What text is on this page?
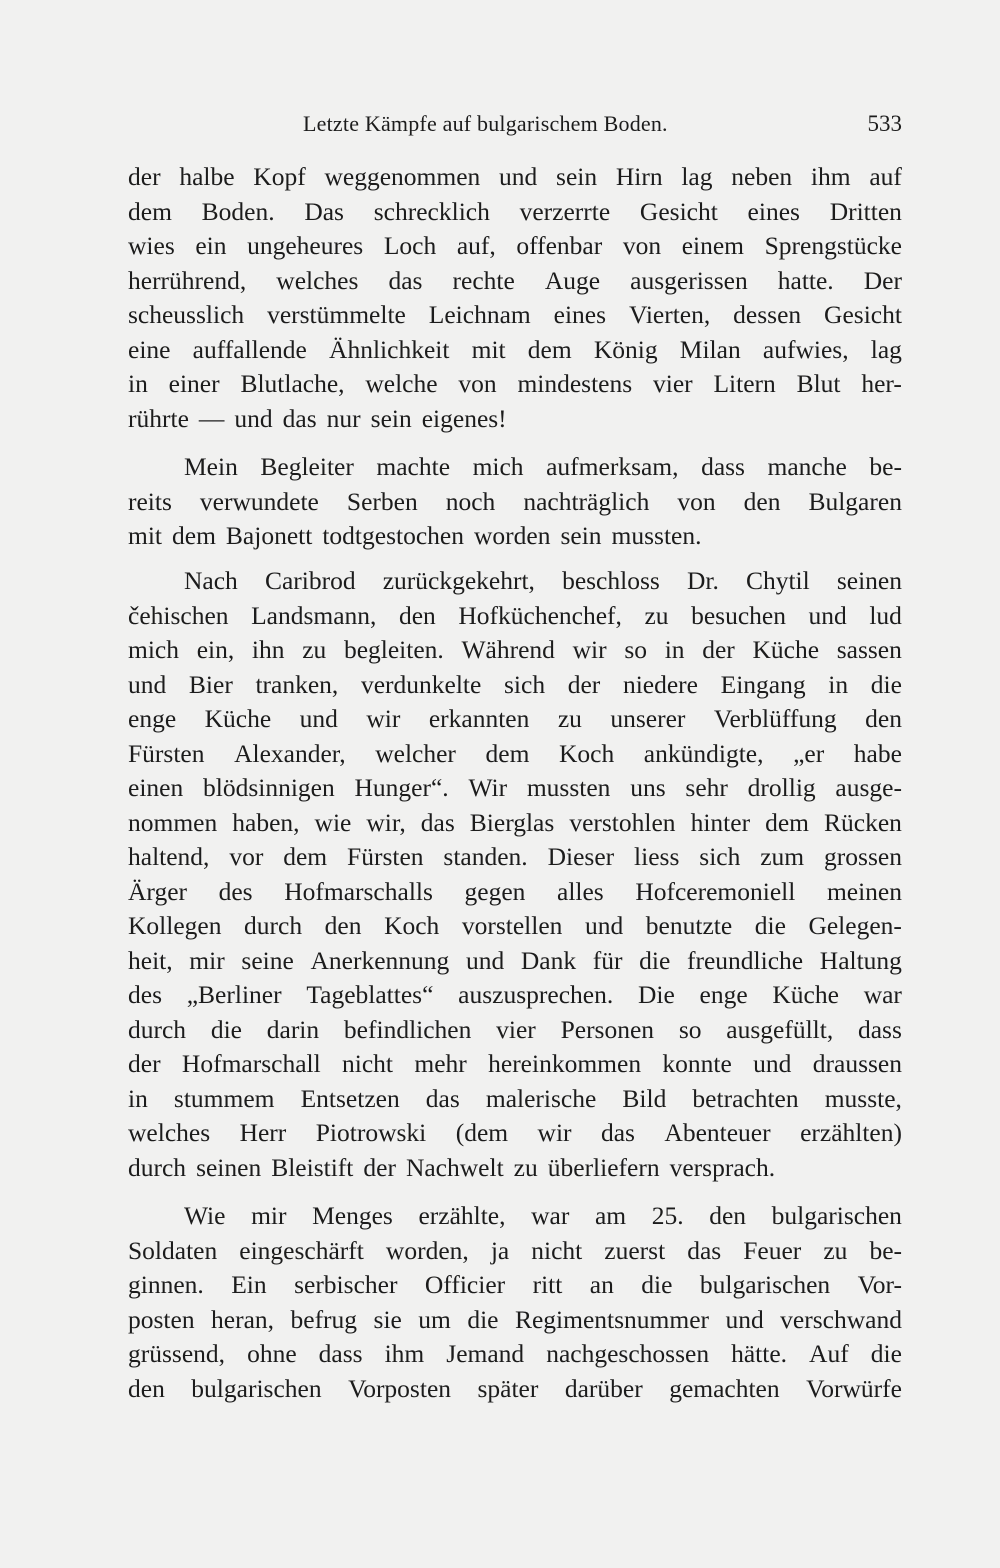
Letzte Kämpfe auf bulgarischem Boden.	533
der halbe Kopf weggenommen und sein Hirn lag neben ihm auf
dem Boden. Das schrecklich verzerrte Gesicht eines Dritten
wies ein ungeheures Loch auf, offenbar von einem Sprengstücke
herrührend, welches das rechte Auge ausgerissen hatte. Der
scheusslich verstümmelte Leichnam eines Vierten, dessen Gesicht
eine auffallende Ähnlichkeit mit dem König Milan aufwies, lag
in einer Blutlache, welche von mindestens vier Litern Blut her-
rührte — und das nur sein eigenes!
Mein Begleiter machte mich aufmerksam, dass manche be-
reits verwundete Serben noch nachträglich von den Bulgaren
mit dem Bajonett todtgestochen worden sein mussten.
Nach Caribrod zurückgekehrt, beschloss Dr. Chytil seinen
čehischen Landsmann, den Hofküchenchef, zu besuchen und lud
mich ein, ihn zu begleiten. Während wir so in der Küche sassen
und Bier tranken, verdunkelte sich der niedere Eingang in die
enge Küche und wir erkannten zu unserer Verblüffung den
Fürsten Alexander, welcher dem Koch ankündigte, „er habe
einen blödsinnigen Hunger“. Wir mussten uns sehr drollig ausge-
nommen haben, wie wir, das Bierglas verstohlen hinter dem Rücken
haltend, vor dem Fürsten standen. Dieser liess sich zum grossen
Ärger des Hofmarschalls gegen alles Hofceremoniell meinen
Kollegen durch den Koch vorstellen und benutzte die Gelegen-
heit, mir seine Anerkennung und Dank für die freundliche Haltung
des „Berliner Tageblattes“ auszusprechen. Die enge Küche war
durch die darin befindlichen vier Personen so ausgefüllt, dass
der Hofmarschall nicht mehr hereinkommen konnte und draussen
in stummem Entsetzen das malerische Bild betrachten musste,
welches Herr Piotrowski (dem wir das Abenteuer erzählten)
durch seinen Bleistift der Nachwelt zu überliefern versprach.
Wie mir Menges erzählte, war am 25. den bulgarischen
Soldaten eingeschärft worden, ja nicht zuerst das Feuer zu be-
ginnen. Ein serbischer Officier ritt an die bulgarischen Vor-
posten heran, befrug sie um die Regimentsnummer und verschwand
grüssend, ohne dass ihm Jemand nachgeschossen hätte. Auf die
den bulgarischen Vorposten später darüber gemachten Vorwürfe
